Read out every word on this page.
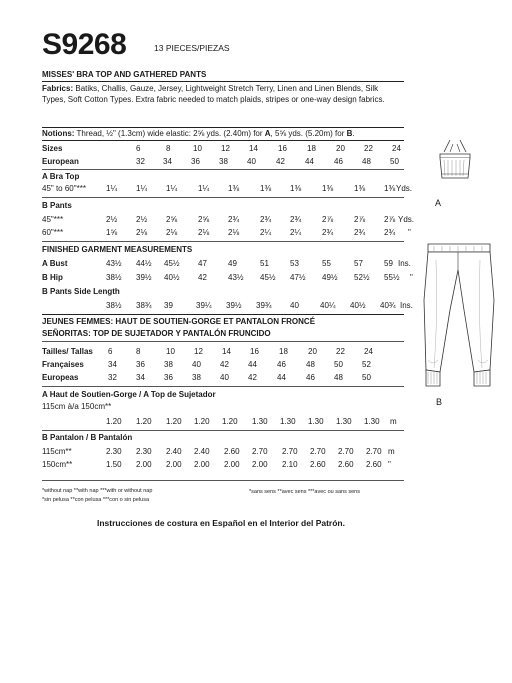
S9268	13 PIECES/PIEZAS
MISSES' BRA TOP AND GATHERED PANTS
Fabrics: Batiks, Challis, Gauze, Jersey, Lightweight Stretch Terry, Linen and Linen Blends, Silk Types, Soft Cotton Types. Extra fabric needed to match plaids, stripes or one-way design fabrics.
Notions: Thread, ½" (1.3cm) wide elastic: 2⅝ yds. (2.40m) for A, 5⅝ yds. (5.20m) for B.
Sizes	6	8	10 12 14	16	18	20 22 24
European	32 34 36 38 40	42	44	46 48 50
A Bra Top
45" to 60"***	1¼ 1¼ 1¼	1¼ 1⅜	1⅜ 1⅜	1⅜	1⅜ 1⅜ Yds.
B Pants
45"***	2½ 2½ 2⅝	2⅝ 2¾	2¾ 2¾	2⅞	2⅞ 2⅞ Yds.
60"***	1⅝ 2⅛ 2⅛	2⅛ 2⅛	2¼ 2¼	2¾	2¾ 2¾ "
FINISHED GARMENT MEASUREMENTS
A Bust	43½ 44½ 45½ 47	49	51	53	55	57	59 Ins.
B Hip	38½ 39½ 40½ 42	43½ 45½ 47½ 49½ 52½ 55½ "
B Pants Side Length
38½ 38¾ 39	39¼ 39½ 39¾ 40	40¼ 40½ 40¾ Ins.
JEUNES FEMMES: HAUT DE SOUTIEN-GORGE ET PANTALON FRONCÉ
SEÑORITAS: TOP DE SUJETADOR Y PANTALÓN FRUNCIDO
Tailles/ Tallas 6	8	10 12 14 16	18	20 22 24
Françaises	34 36 38 40 42 44	46	48 50 52
Europeas	32 34 36 38 40 42	44	46 48 50
A Haut de Soutien-Gorge / A Top de Sujetador
115cm à/a 150cm**
1.20 1.20 1.20 1.20 1.20 1.30 1.30 1.30 1.30 1.30 m
B Pantalon / B Pantalón
115cm**	2.30 2.30 2.40 2.40 2.60 2.70 2.70 2.70 2.70 2.70 m
150cm**	1.50 2.00 2.00 2.00 2.00 2.00 2.10 2.60 2.60 2.60 "
*without nap **with nap ***with or without nap
*sin pelusa **con pelusa ***con o sin pelusa
*sans sens **avec sens ***avec ou sans sens
Instrucciones de costura en Español en el Interior del Patrón.
A
B
